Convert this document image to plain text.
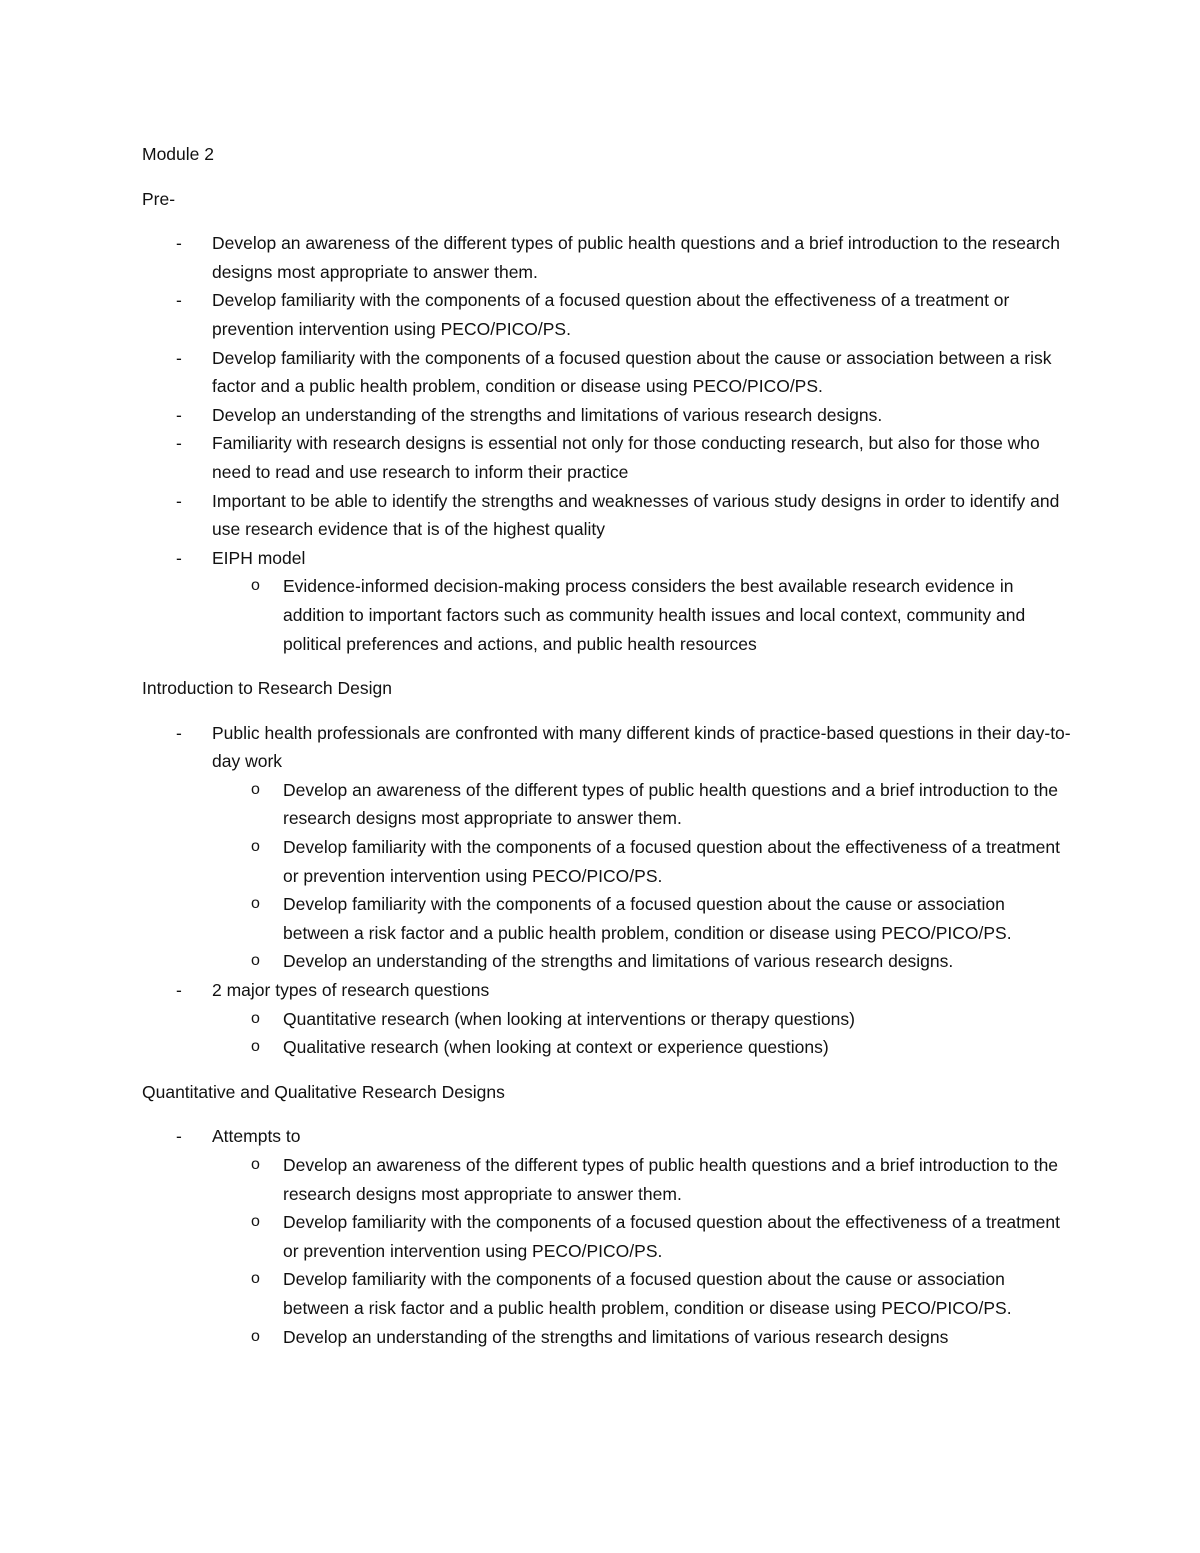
Module 2

Pre-

- Develop an awareness of the different types of public health questions and a brief introduction to the research designs most appropriate to answer them.
- Develop familiarity with the components of a focused question about the effectiveness of a treatment or prevention intervention using PECO/PICO/PS.
- Develop familiarity with the components of a focused question about the cause or association between a risk factor and a public health problem, condition or disease using PECO/PICO/PS.
- Develop an understanding of the strengths and limitations of various research designs.
- Familiarity with research designs is essential not only for those conducting research, but also for those who need to read and use research to inform their practice
- Important to be able to identify the strengths and weaknesses of various study designs in order to identify and use research evidence that is of the highest quality
- EIPH model
o Evidence-informed decision-making process considers the best available research evidence in addition to important factors such as community health issues and local context, community and political preferences and actions, and public health resources

Introduction to Research Design

- Public health professionals are confronted with many different kinds of practice-based questions in their day-to-day work
o Develop an awareness of the different types of public health questions and a brief introduction to the research designs most appropriate to answer them.
o Develop familiarity with the components of a focused question about the effectiveness of a treatment or prevention intervention using PECO/PICO/PS.
o Develop familiarity with the components of a focused question about the cause or association between a risk factor and a public health problem, condition or disease using PECO/PICO/PS.
o Develop an understanding of the strengths and limitations of various research designs.
- 2 major types of research questions
o Quantitative research (when looking at interventions or therapy questions)
o Qualitative research (when looking at context or experience questions)

Quantitative and Qualitative Research Designs

- Attempts to
o Develop an awareness of the different types of public health questions and a brief introduction to the research designs most appropriate to answer them.
o Develop familiarity with the components of a focused question about the effectiveness of a treatment or prevention intervention using PECO/PICO/PS.
o Develop familiarity with the components of a focused question about the cause or association between a risk factor and a public health problem, condition or disease using PECO/PICO/PS.
o Develop an understanding of the strengths and limitations of various research designs
